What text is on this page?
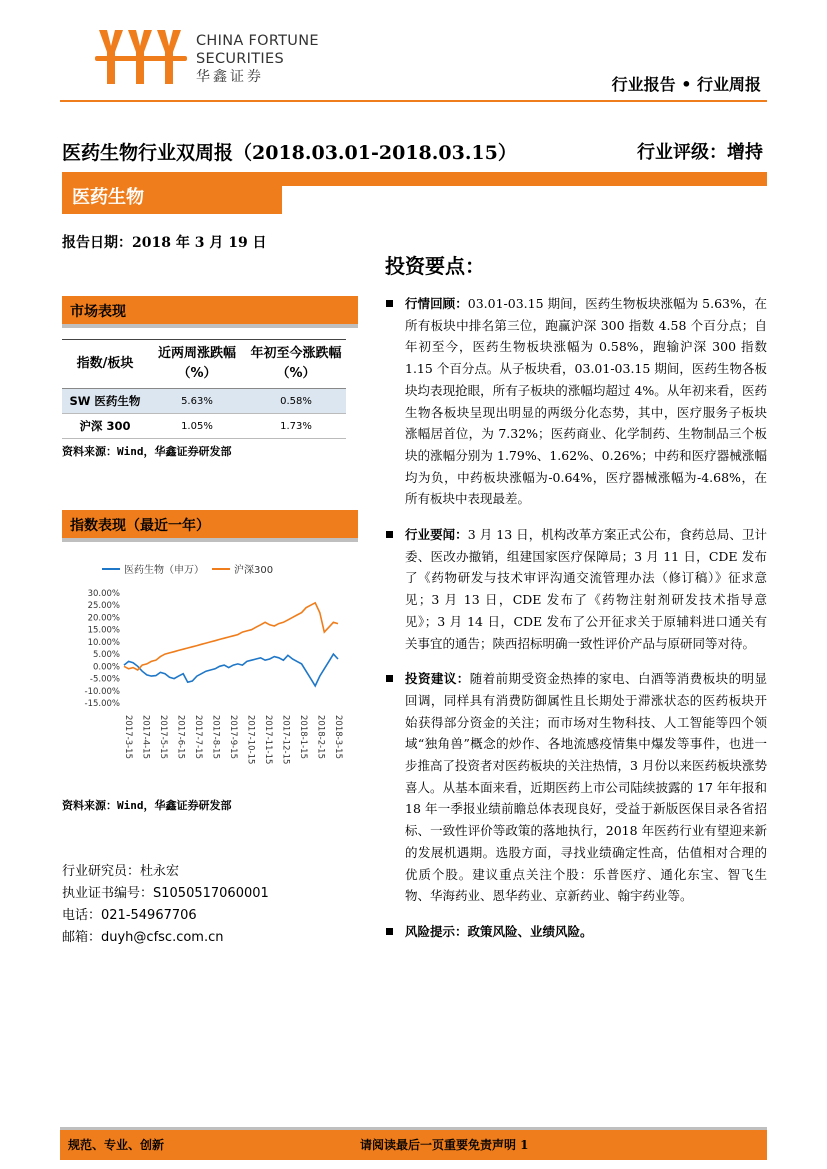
CHINA FORTUNE
SECURITIES
华鑫证券	行业报告 • 行业周报
医药生物行业双周报（2018.03.01-2018.03.15）	行业评级：增持
医药生物
报告日期：2018 年 3 月 19 日
市场表现
指数/板块	近两周涨跌幅（%）	年初至今涨跌幅（%）
SW 医药生物	5.63%	0.58%
沪深 300	1.05%	1.73%
资料来源：Wind，华鑫证券研发部
指数表现（最近一年）
医药生物（申万）	沪深300
30.00%
25.00%
20.00%
15.00%
10.00%
5.00%
0.00%
-5.00%
-10.00%
-15.00%
2017-3-15 2017-4-15 2017-5-15 2017-6-15 2017-7-15 2017-8-15 2017-9-15 2017-10-15 2017-11-15 2017-12-15 2018-1-15 2018-2-15 2018-3-15
资料来源：Wind，华鑫证券研发部
行业研究员：杜永宏
执业证书编号：S1050517060001
电话：021-54967706
邮箱：duyh@cfsc.com.cn
投资要点：
行情回顾：03.01-03.15 期间，医药生物板块涨幅为 5.63%，在所有板块中排名第三位，跑赢沪深 300 指数 4.58 个百分点；自年初至今，医药生物板块涨幅为 0.58%，跑输沪深 300 指数 1.15 个百分点。从子板块看，03.01-03.15 期间，医药生物各板块均表现抢眼，所有子板块的涨幅均超过 4%。从年初来看，医药生物各板块呈现出明显的两级分化态势，其中，医疗服务子板块涨幅居首位，为 7.32%；医药商业、化学制药、生物制品三个板块的涨幅分别为 1.79%、1.62%、0.26%；中药和医疗器械涨幅均为负，中药板块涨幅为-0.64%，医疗器械涨幅为-4.68%，在所有板块中表现最差。
行业要闻：3 月 13 日，机构改革方案正式公布，食药总局、卫计委、医改办撤销，组建国家医疗保障局；3 月 11 日，CDE 发布了《药物研发与技术审评沟通交流管理办法（修订稿）》征求意见；3 月 13 日，CDE 发布了《药物注射剂研发技术指导意见》；3 月 14 日，CDE 发布了公开征求关于原辅料进口通关有关事宜的通告；陕西招标明确一致性评价产品与原研同等对待。
投资建议：随着前期受资金热捧的家电、白酒等消费板块的明显回调，同样具有消费防御属性且长期处于滞涨状态的医药板块开始获得部分资金的关注；而市场对生物科技、人工智能等四个领域“独角兽”概念的炒作、各地流感疫情集中爆发等事件，也进一步推高了投资者对医药板块的关注热情，3 月份以来医药板块涨势喜人。从基本面来看，近期医药上市公司陆续披露的 17 年年报和 18 年一季报业绩前瞻总体表现良好，受益于新版医保目录各省招标、一致性评价等政策的落地执行，2018 年医药行业有望迎来新的发展机遇期。选股方面，寻找业绩确定性高，估值相对合理的优质个股。建议重点关注个股：乐普医疗、通化东宝、智飞生物、华海药业、恩华药业、京新药业、翰宇药业等。
风险提示：政策风险、业绩风险。
规范、专业、创新	请阅读最后一页重要免责声明 1
